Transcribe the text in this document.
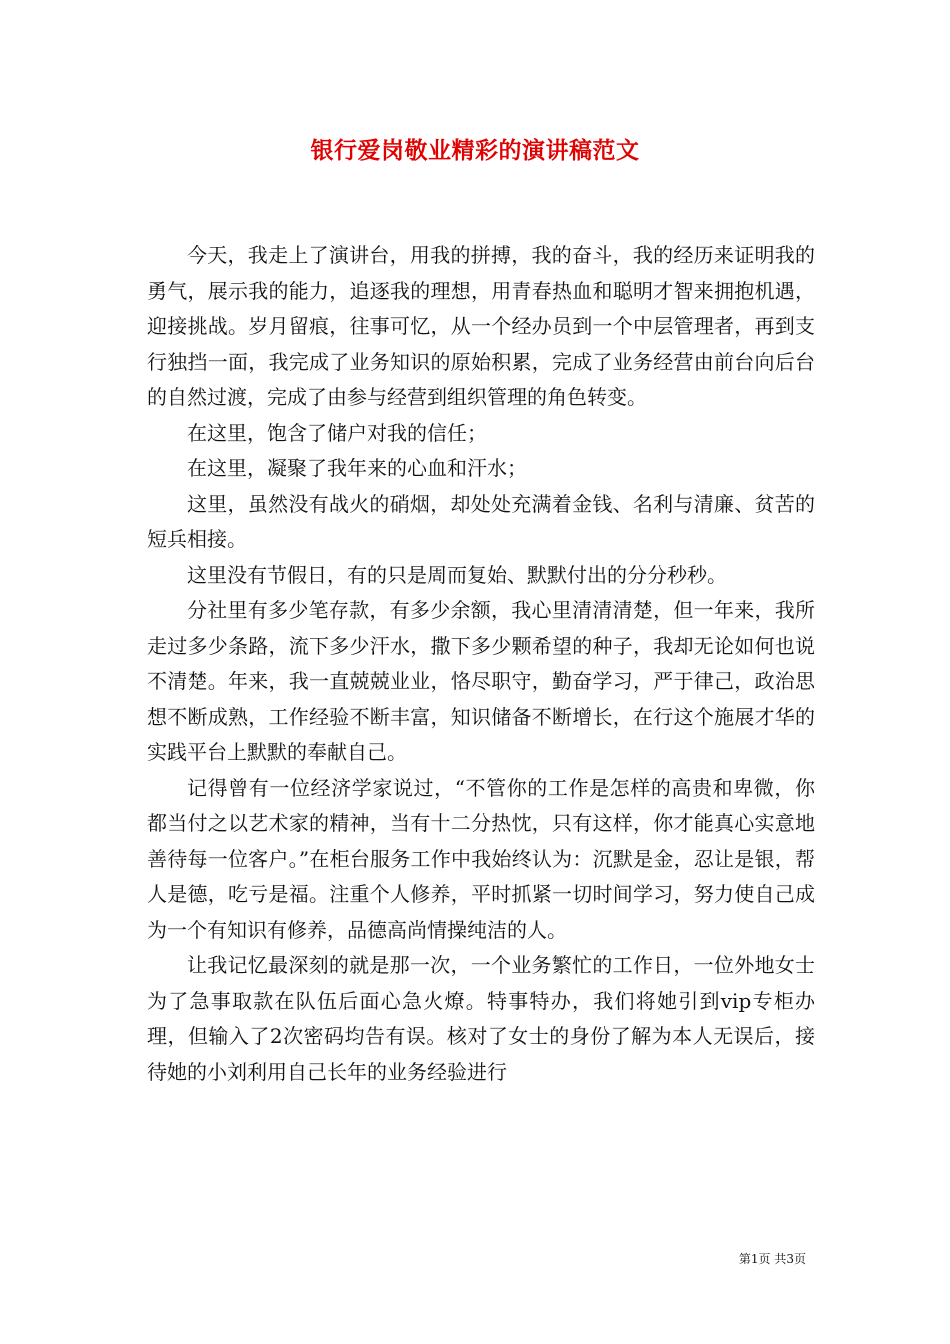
银行爱岗敬业精彩的演讲稿范文

今天，我走上了演讲台，用我的拼搏，我的奋斗，我的经历来证明我的勇气，展示我的能力，追逐我的理想，用青春热血和聪明才智来拥抱机遇，迎接挑战。岁月留痕，往事可忆，从一个经办员到一个中层管理者，再到支行独挡一面，我完成了业务知识的原始积累，完成了业务经营由前台向后台的自然过渡，完成了由参与经营到组织管理的角色转变。

在这里，饱含了储户对我的信任；

在这里，凝聚了我年来的心血和汗水；

这里，虽然没有战火的硝烟，却处处充满着金钱、名利与清廉、贫苦的短兵相接。

这里没有节假日，有的只是周而复始、默默付出的分分秒秒。

分社里有多少笔存款，有多少余额，我心里清清清楚，但一年来，我所走过多少条路，流下多少汗水，撒下多少颗希望的种子，我却无论如何也说不清楚。年来，我一直兢兢业业，恪尽职守，勤奋学习，严于律己，政治思想不断成熟，工作经验不断丰富，知识储备不断增长，在行这个施展才华的实践平台上默默的奉献自己。

记得曾有一位经济学家说过，“不管你的工作是怎样的高贵和卑微，你都当付之以艺术家的精神，当有十二分热忱，只有这样，你才能真心实意地善待每一位客户。”在柜台服务工作中我始终认为：沉默是金，忍让是银，帮人是德，吃亏是福。注重个人修养，平时抓紧一切时间学习，努力使自己成为一个有知识有修养，品德高尚情操纯洁的人。

让我记忆最深刻的就是那一次，一个业务繁忙的工作日，一位外地女士为了急事取款在队伍后面心急火燎。特事特办，我们将她引到vip专柜办理，但输入了2次密码均告有误。核对了女士的身份了解为本人无误后，接待她的小刘利用自己长年的业务经验进行

第1页 共3页
